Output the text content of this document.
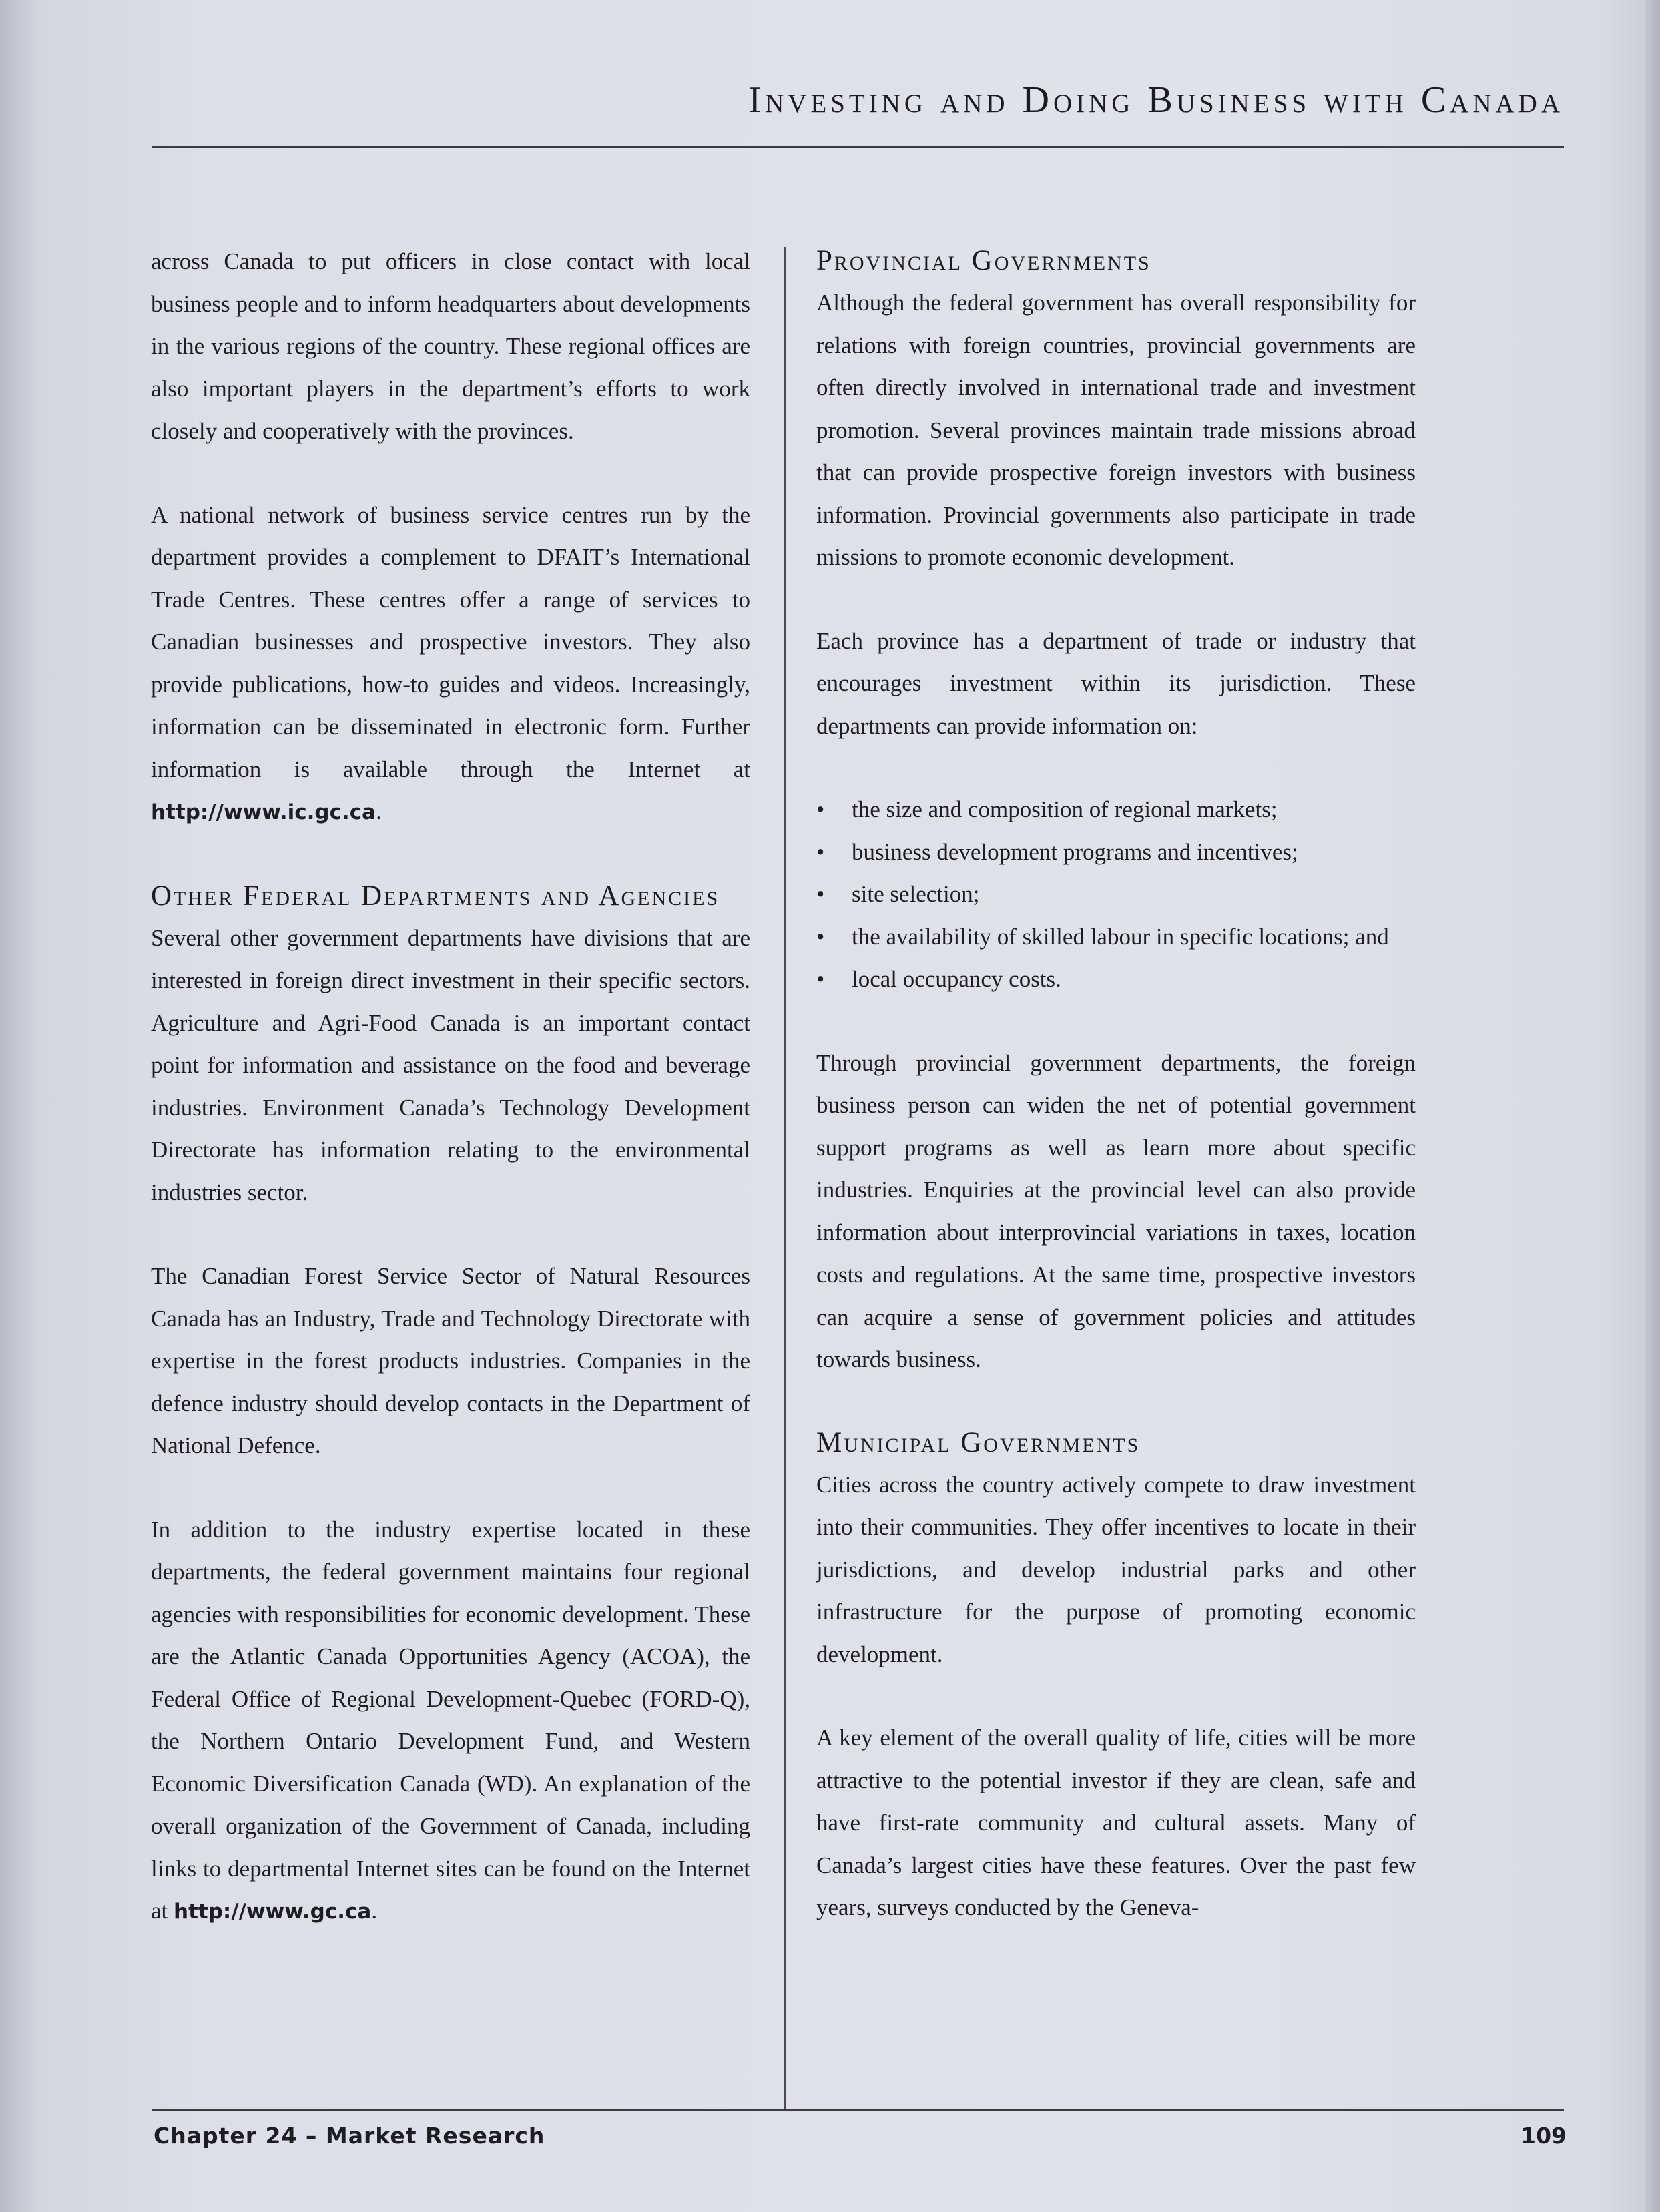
Investing and Doing Business with Canada

across Canada to put officers in close contact with local business people and to inform headquarters about developments in the various regions of the country. These regional offices are also important players in the department’s efforts to work closely and cooperatively with the provinces.

A national network of business service centres run by the department provides a complement to DFAIT’s International Trade Centres. These centres offer a range of services to Canadian businesses and prospective investors. They also provide publications, how-to guides and videos. Increasingly, information can be disseminated in electronic form. Further information is available through the Internet at http://www.ic.gc.ca.

Other Federal Departments and Agencies

Several other government departments have divisions that are interested in foreign direct investment in their specific sectors. Agriculture and Agri-Food Canada is an important contact point for information and assistance on the food and beverage industries. Environment Canada’s Technology Development Directorate has information relating to the environmental industries sector.

The Canadian Forest Service Sector of Natural Resources Canada has an Industry, Trade and Technology Directorate with expertise in the forest products industries. Companies in the defence industry should develop contacts in the Department of National Defence.

In addition to the industry expertise located in these departments, the federal government maintains four regional agencies with responsibilities for economic development. These are the Atlantic Canada Opportunities Agency (ACOA), the Federal Office of Regional Development-Quebec (FORD-Q), the Northern Ontario Development Fund, and Western Economic Diversification Canada (WD). An explanation of the overall organization of the Government of Canada, including links to departmental Internet sites can be found on the Internet at http://www.gc.ca.

Provincial Governments

Although the federal government has overall responsibility for relations with foreign countries, provincial governments are often directly involved in international trade and investment promotion. Several provinces maintain trade missions abroad that can provide prospective foreign investors with business information. Provincial governments also participate in trade missions to promote economic development.

Each province has a department of trade or industry that encourages investment within its jurisdiction. These departments can provide information on:

• the size and composition of regional markets;
• business development programs and incentives;
• site selection;
• the availability of skilled labour in specific locations; and
• local occupancy costs.

Through provincial government departments, the foreign business person can widen the net of potential government support programs as well as learn more about specific industries. Enquiries at the provincial level can also provide information about interprovincial variations in taxes, location costs and regulations. At the same time, prospective investors can acquire a sense of government policies and attitudes towards business.

Municipal Governments

Cities across the country actively compete to draw investment into their communities. They offer incentives to locate in their jurisdictions, and develop industrial parks and other infrastructure for the purpose of promoting economic development.

A key element of the overall quality of life, cities will be more attractive to the potential investor if they are clean, safe and have first-rate community and cultural assets. Many of Canada’s largest cities have these features. Over the past few years, surveys conducted by the Geneva-

Chapter 24 – Market Research	109
